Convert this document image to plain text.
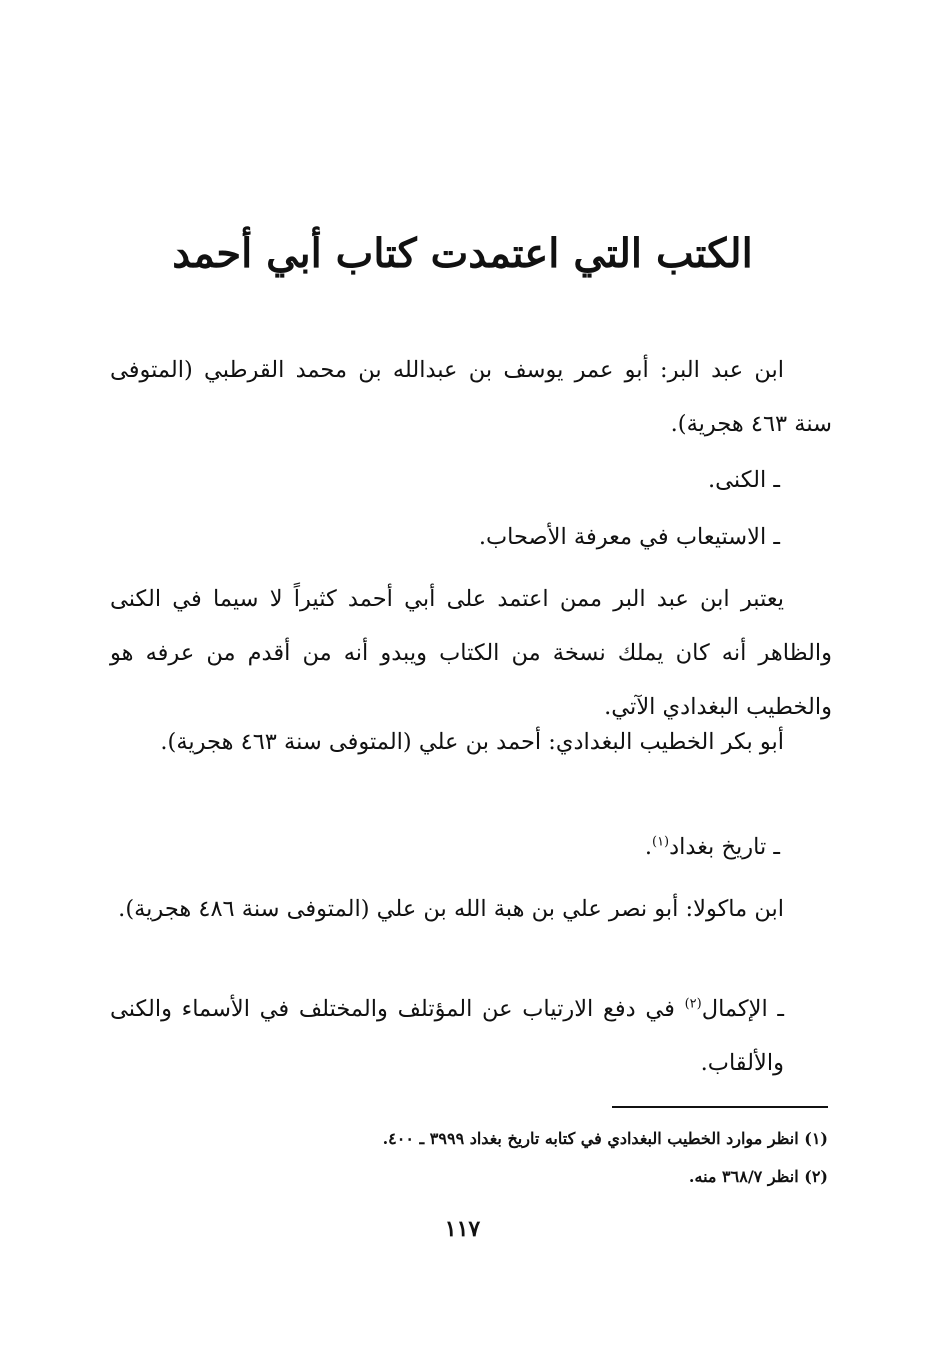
الكتب التي اعتمدت كتاب أبي أحمد

ابن عبد البر: أبو عمر يوسف بن عبدالله بن محمد القرطبي (المتوفى سنة ٤٦٣ هجرية).

ـ الكنى.

ـ الاستيعاب في معرفة الأصحاب.

يعتبر ابن عبد البر ممن اعتمد على أبي أحمد كثيراً لا سيما في الكنى والظاهر أنه كان يملك نسخة من الكتاب ويبدو أنه من أقدم من عرفه هو والخطيب البغدادي الآتي.

أبو بكر الخطيب البغدادي: أحمد بن علي (المتوفى سنة ٤٦٣ هجرية).

ـ تاريخ بغداد$^{(١)}$.

ابن ماكولا: أبو نصر علي بن هبة الله بن علي (المتوفى سنة ٤٨٦ هجرية).

ـ الإكمال$^{(٢)}$ في دفع الارتياب عن المؤتلف والمختلف في الأسماء والكنى والألقاب.

(١) انظر موارد الخطيب البغدادي في كتابه تاريخ بغداد ٣٩٩٩ ـ ٤٠٠.

(٢) انظر ٣٦٨/٧ منه.

١١٧
